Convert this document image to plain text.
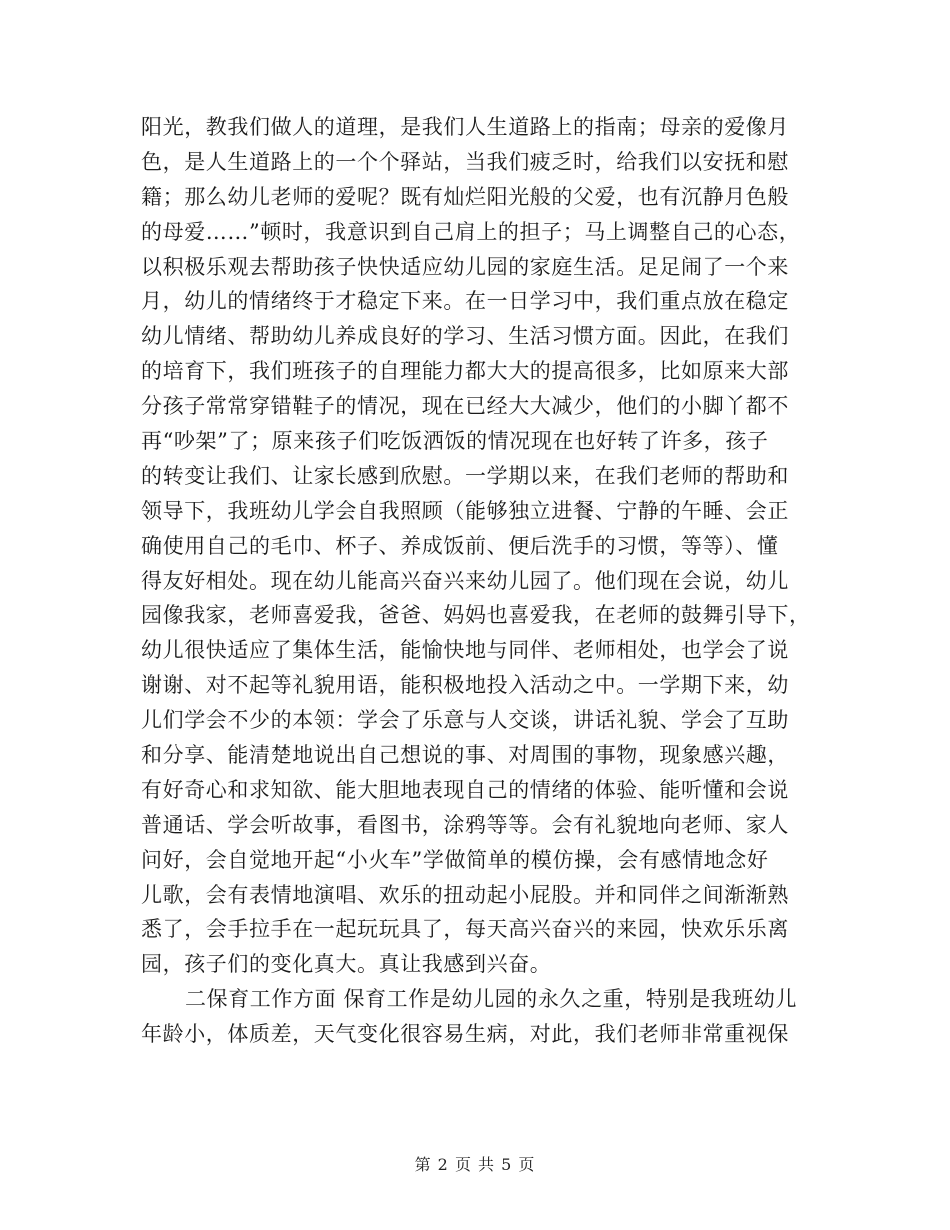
阳光，教我们做人的道理，是我们人生道路上的指南；母亲的爱像月
色，是人生道路上的一个个驿站，当我们疲乏时，给我们以安抚和慰
籍；那么幼儿老师的爱呢？既有灿烂阳光般的父爱，也有沉静月色般
的母爱……”顿时，我意识到自己肩上的担子；马上调整自己的心态，
以积极乐观去帮助孩子快快适应幼儿园的家庭生活。足足闹了一个来
月，幼儿的情绪终于才稳定下来。在一日学习中，我们重点放在稳定
幼儿情绪、帮助幼儿养成良好的学习、生活习惯方面。因此，在我们
的培育下，我们班孩子的自理能力都大大的提高很多，比如原来大部
分孩子常常穿错鞋子的情况，现在已经大大减少，他们的小脚丫都不
再“吵架”了；原来孩子们吃饭洒饭的情况现在也好转了许多，孩子
的转变让我们、让家长感到欣慰。一学期以来，在我们老师的帮助和
领导下，我班幼儿学会自我照顾（能够独立进餐、宁静的午睡、会正
确使用自己的毛巾、杯子、养成饭前、便后洗手的习惯，等等）、懂
得友好相处。现在幼儿能高兴奋兴来幼儿园了。他们现在会说，幼儿
园像我家，老师喜爱我，爸爸、妈妈也喜爱我，在老师的鼓舞引导下，
幼儿很快适应了集体生活，能愉快地与同伴、老师相处，也学会了说
谢谢、对不起等礼貌用语，能积极地投入活动之中。一学期下来，幼
儿们学会不少的本领：学会了乐意与人交谈，讲话礼貌、学会了互助
和分享、能清楚地说出自己想说的事、对周围的事物，现象感兴趣，
有好奇心和求知欲、能大胆地表现自己的情绪的体验、能听懂和会说
普通话、学会听故事，看图书，涂鸦等等。会有礼貌地向老师、家人
问好，会自觉地开起“小火车”学做简单的模仿操，会有感情地念好
儿歌，会有表情地演唱、欢乐的扭动起小屁股。并和同伴之间渐渐熟
悉了，会手拉手在一起玩玩具了，每天高兴奋兴的来园，快欢乐乐离
园，孩子们的变化真大。真让我感到兴奋。
二保育工作方面 保育工作是幼儿园的永久之重，特别是我班幼儿
年龄小，体质差，天气变化很容易生病，对此，我们老师非常重视保
第 2 页 共 5 页
